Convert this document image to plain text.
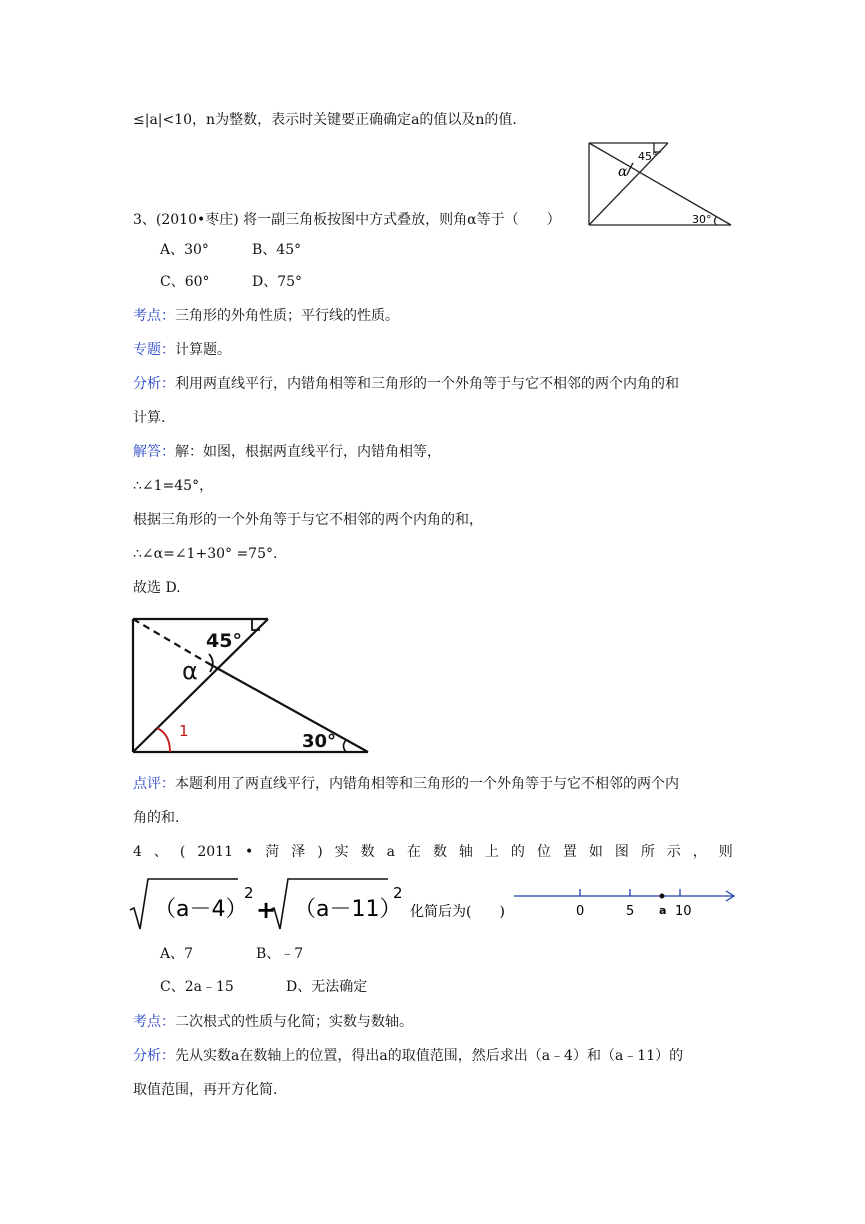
≤|a|<10，n为整数，表示时关键要正确确定a的值以及n的值.
45°
α
30°
3、(2010•枣庄) 将一副三角板按图中方式叠放，则角α等于（　　）
A、30°	B、45°
C、60°	D、75°
考点：三角形的外角性质；平行线的性质。
专题：计算题。
分析：利用两直线平行，内错角相等和三角形的一个外角等于与它不相邻的两个内角的和
计算.
解答：解：如图，根据两直线平行，内错角相等，
∴∠1=45°，
根据三角形的一个外角等于与它不相邻的两个内角的和，
∴∠α=∠1+30° =75°.
故选 D.
45°
α
1	30°
点评：本题利用了两直线平行，内错角相等和三角形的一个外角等于与它不相邻的两个内
角的和.
4 、 ( 2011 • 菏 泽 ) 实 数 a 在 数 轴 上 的 位 置 如 图 所 示 ， 则
（a－4）
2
+ （a－11）
2
化简后为(　　)	0	5 a 10
A、7	B、﹣7
C、2a﹣15	D、无法确定
考点：二次根式的性质与化简；实数与数轴。
分析：先从实数a在数轴上的位置，得出a的取值范围，然后求出（a﹣4）和（a﹣11）的
取值范围，再开方化简.
